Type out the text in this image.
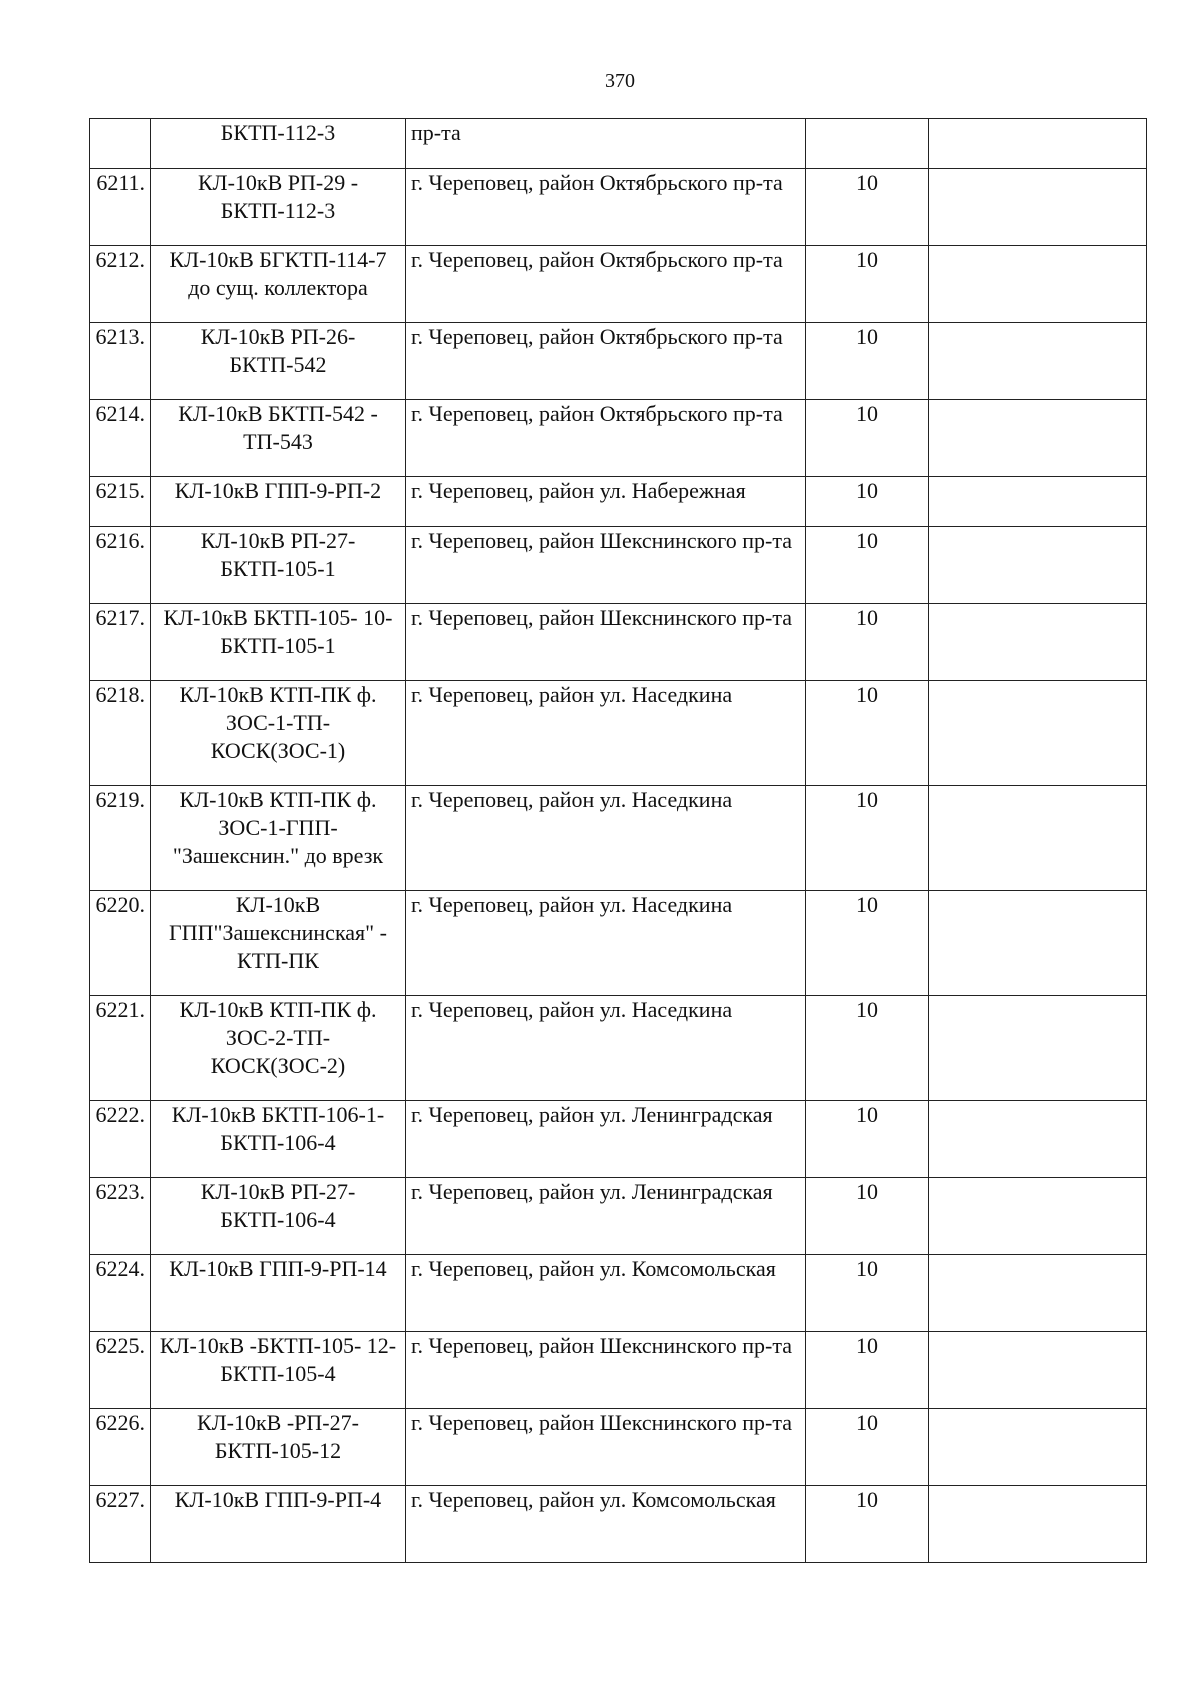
370
	БКТП-112-3	пр-та		
6211.	КЛ-10кВ РП-29 - БКТП-112-3	г. Череповец, район Октябрьского пр-та	10	
6212.	КЛ-10кВ БГКТП-114-7 до сущ. коллектора	г. Череповец, район Октябрьского пр-та	10	
6213.	КЛ-10кВ РП-26- БКТП-542	г. Череповец, район Октябрьского пр-та	10	
6214.	КЛ-10кВ БКТП-542 - ТП-543	г. Череповец, район Октябрьского пр-та	10	
6215.	КЛ-10кВ ГПП-9-РП-2	г. Череповец, район ул. Набережная	10	
6216.	КЛ-10кВ РП-27- БКТП-105-1	г. Череповец, район Шекснинского пр-та	10	
6217.	КЛ-10кВ БКТП-105- 10-БКТП-105-1	г. Череповец, район Шекснинского пр-та	10	
6218.	КЛ-10кВ КТП-ПК ф. ЗОС-1-ТП- КОСК(ЗОС-1)	г. Череповец, район ул. Наседкина	10	
6219.	КЛ-10кВ КТП-ПК ф. ЗОС-1-ГПП- "Зашекснин." до врезк	г. Череповец, район ул. Наседкина	10	
6220.	КЛ-10кВ ГПП"Зашекснинская" - КТП-ПК	г. Череповец, район ул. Наседкина	10	
6221.	КЛ-10кВ КТП-ПК ф. ЗОС-2-ТП- КОСК(ЗОС-2)	г. Череповец, район ул. Наседкина	10	
6222.	КЛ-10кВ БКТП-106-1- БКТП-106-4	г. Череповец, район ул. Ленинградская	10	
6223.	КЛ-10кВ РП-27- БКТП-106-4	г. Череповец, район ул. Ленинградская	10	
6224.	КЛ-10кВ ГПП-9-РП-14	г. Череповец, район ул. Комсомольская	10	
6225.	КЛ-10кВ -БКТП-105- 12-БКТП-105-4	г. Череповец, район Шекснинского пр-та	10	
6226.	КЛ-10кВ -РП-27- БКТП-105-12	г. Череповец, район Шекснинского пр-та	10	
6227.	КЛ-10кВ ГПП-9-РП-4	г. Череповец, район ул. Комсомольская	10	
